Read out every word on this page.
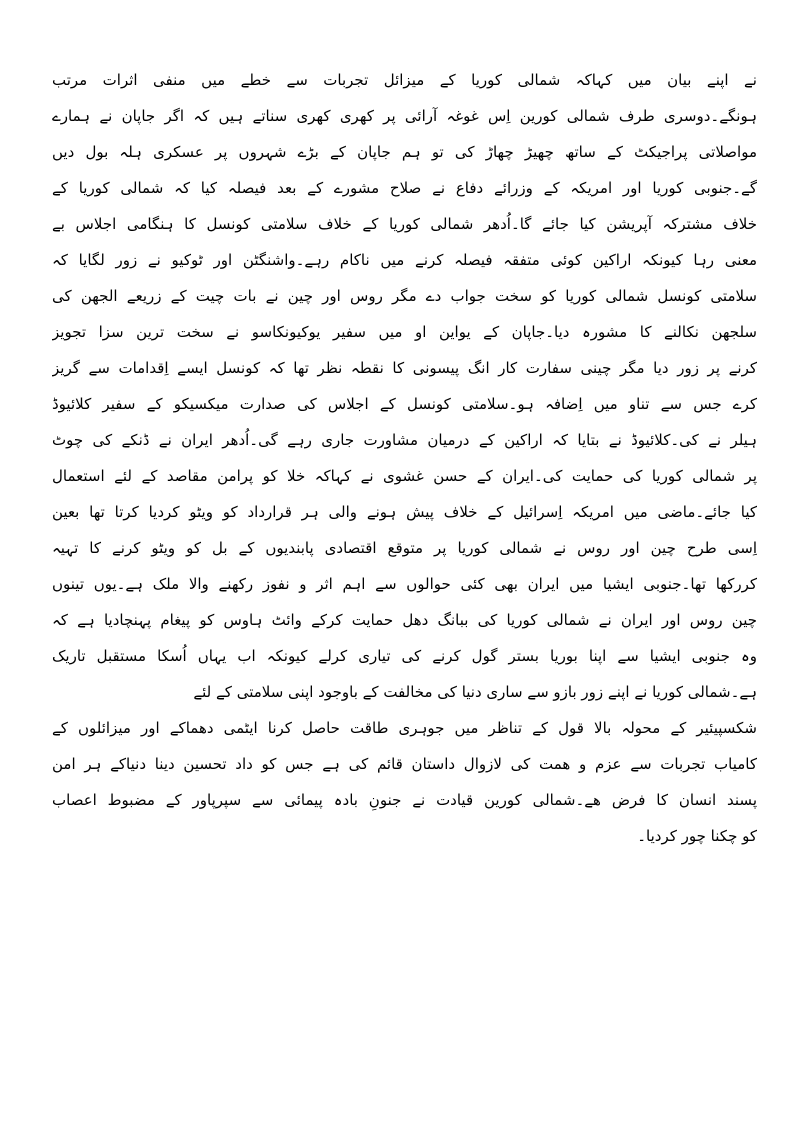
نے اپنے بیان میں کہاکہ شمالی کوریا کے میزائل تجربات سے خطے میں منفی اثرات مرتب
ہونگے۔دوسری طرف شمالی کورین اِس غوغہ آرائی پر کھری کھری سناتے ہیں کہ اگر جاپان نے ہمارے
مواصلاتی پراجیکٹ کے ساتھ چھیڑ چھاڑ کی تو ہم جاپان کے بڑے شہروں پر عسکری ہلہ بول دیں
گے۔جنوبی کوریا اور امریکہ کے وزرائے دفاع نے صلاح مشورے کے بعد فیصلہ کیا کہ شمالی کوریا کے
خلاف مشترکہ آپریشن کیا جائے گا۔اُدھر شمالی کوریا کے خلاف سلامتی کونسل کا ہنگامی اجلاس بے
معنی رہا کیونکہ اراکین کوئی متفقہ فیصلہ کرنے میں ناکام رہے۔واشنگٹن اور ٹوکیو نے زور لگایا کہ
سلامتی کونسل شمالی کوریا کو سخت جواب دے مگر روس اور چین نے بات چیت کے زریعے الجھن کی
سلجھن نکالنے کا مشورہ دیا۔جاپان کے یواین او میں سفیر یوکیونکاسو نے سخت ترین سزا تجویز
کرنے پر زور دیا مگر چینی سفارت کار انگ پیسونی کا نقطہ نظر تھا کہ کونسل ایسے اِقدامات سے گریز
کرے جس سے تناو میں اِضافہ ہو۔سلامتی کونسل کے اجلاس کی صدارت میکسیکو کے سفیر کلائیوڈ
ہیلر نے کی۔کلائیوڈ نے بتایا کہ اراکین کے درمیان مشاورت جاری رہے گی۔اُدھر ایران نے ڈنکے کی چوٹ
پر شمالی کوریا کی حمایت کی۔ایران کے حسن غشوی نے کہاکہ خلا کو پرامن مقاصد کے لئے استعمال
کیا جائے۔ماضی میں امریکہ اِسرائیل کے خلاف پیش ہونے والی ہر قرارداد کو ویٹو کردیا کرتا تھا بعین
اِسی طرح چین اور روس نے شمالی کوریا پر متوقع اقتصادی پابندیوں کے بل کو ویٹو کرنے کا تہیہ
کررکھا تھا۔جنوبی ایشیا میں ایران بھی کئی حوالوں سے اہم اثر و نفوز رکھنے والا ملک ہے۔یوں تینوں
چین روس اور ایران نے شمالی کوریا کی ببانگ دھل حمایت کرکے وائٹ ہاوس کو پیغام پہنچادیا ہے کہ
وہ جنوبی ایشیا سے اپنا بوریا بستر گول کرنے کی تیاری کرلے کیونکہ اب یہاں اُسکا مستقبل تاریک
ہے۔شمالی کوریا نے اپنے زور بازو سے ساری دنیا کی مخالفت کے باوجود اپنی سلامتی کے لئے
شکسپیئیر کے محولہ بالا قول کے تناظر میں جوہری طاقت حاصل کرنا ایٹمی دھماکے اور میزائلوں کے
کامیاب تجربات سے عزم و ھمت کی لازوال داستان قائم کی ہے جس کو داد تحسین دینا دنیاکے ہر امن
پسند انسان کا فرض ھے۔شمالی کورین قیادت نے جنونِ بادہ پیمائی سے سپرپاور کے مضبوط اعصاب
کو چکنا چور کردیا۔
